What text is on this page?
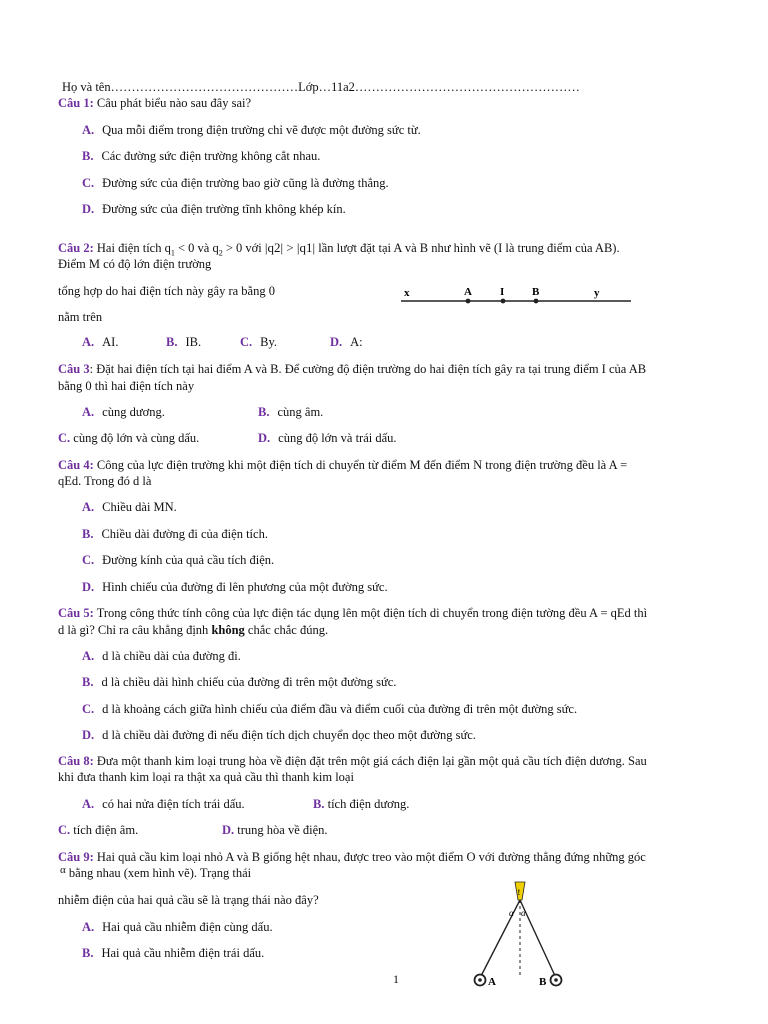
Họ và tên………………………………………Lớp…11a2………………………………………………
Câu 1: Câu phát biểu nào sau đây sai?
A. Qua mỗi điểm trong điện trường chỉ vẽ được một đường sức từ.
B. Các đường sức điện trường không cắt nhau.
C. Đường sức của điện trường bao giờ cũng là đường thẳng.
D. Đường sức của điện trường tĩnh không khép kín.
Câu 2: Hai điện tích $q_1 < 0$ và $q_2 > 0$ với |q2| > |q1| lần lượt đặt tại A và B như hình vẽ (I là trung điểm của AB).
Điểm M có độ lớn điện trường
tổng hợp do hai điện tích này gây ra bằng 0
nằm trên
x	A	I	B	y
A. AI.	B. IB.	C. By.	D. A:
Câu 3: Đặt hai điện tích tại hai điểm A và B. Để cường độ điện trường do hai điện tích gây ra tại trung điểm I của AB
bằng 0 thì hai điện tích này
A. cùng dương.	B. cùng âm.
C. cùng độ lớn và cùng dấu.	D. cùng độ lớn và trái dấu.
Câu 4: Công của lực điện trường khi một điện tích di chuyển từ điểm M đến điểm N trong điện trường đều là A =
qEd. Trong đó d là
A. Chiều dài MN.
B. Chiều dài đường đi của điện tích.
C. Đường kính của quả cầu tích điện.
D. Hình chiếu của đường đi lên phương của một đường sức.
Câu 5: Trong công thức tính công của lực điện tác dụng lên một điện tích di chuyển trong điện tường đều A = qEd thì
d là gì? Chỉ ra câu khẳng định không chắc chắc đúng.
A. d là chiều dài của đường đi.
B. d là chiều dài hình chiếu của đường đi trên một đường sức.
C. d là khoảng cách giữa hình chiếu của điểm đầu và điểm cuối của đường đi trên một đường sức.
D. d là chiều dài đường đi nếu điện tích dịch chuyển dọc theo một đường sức.
Câu 8: Đưa một thanh kim loại trung hòa về điện đặt trên một giá cách điện lại gần một quả cầu tích điện dương. Sau
khi đưa thanh kim loại ra thật xa quả cầu thì thanh kim loại
A. có hai nửa điện tích trái dấu.	B. tích điện dương.
C. tích điện âm.	D. trung hòa về điện.
Câu 9: Hai quả cầu kim loại nhỏ A và B giống hệt nhau, được treo vào một điểm O với đường thẳng đứng những góc
α bằng nhau (xem hình vẽ). Trạng thái
nhiễm điện của hai quả cầu sẽ là trạng thái nào đây?
A. Hai quả cầu nhiễm điện cùng dấu.
B. Hai quả cầu nhiễm điện trái dấu.
!
α α
A	B
1
